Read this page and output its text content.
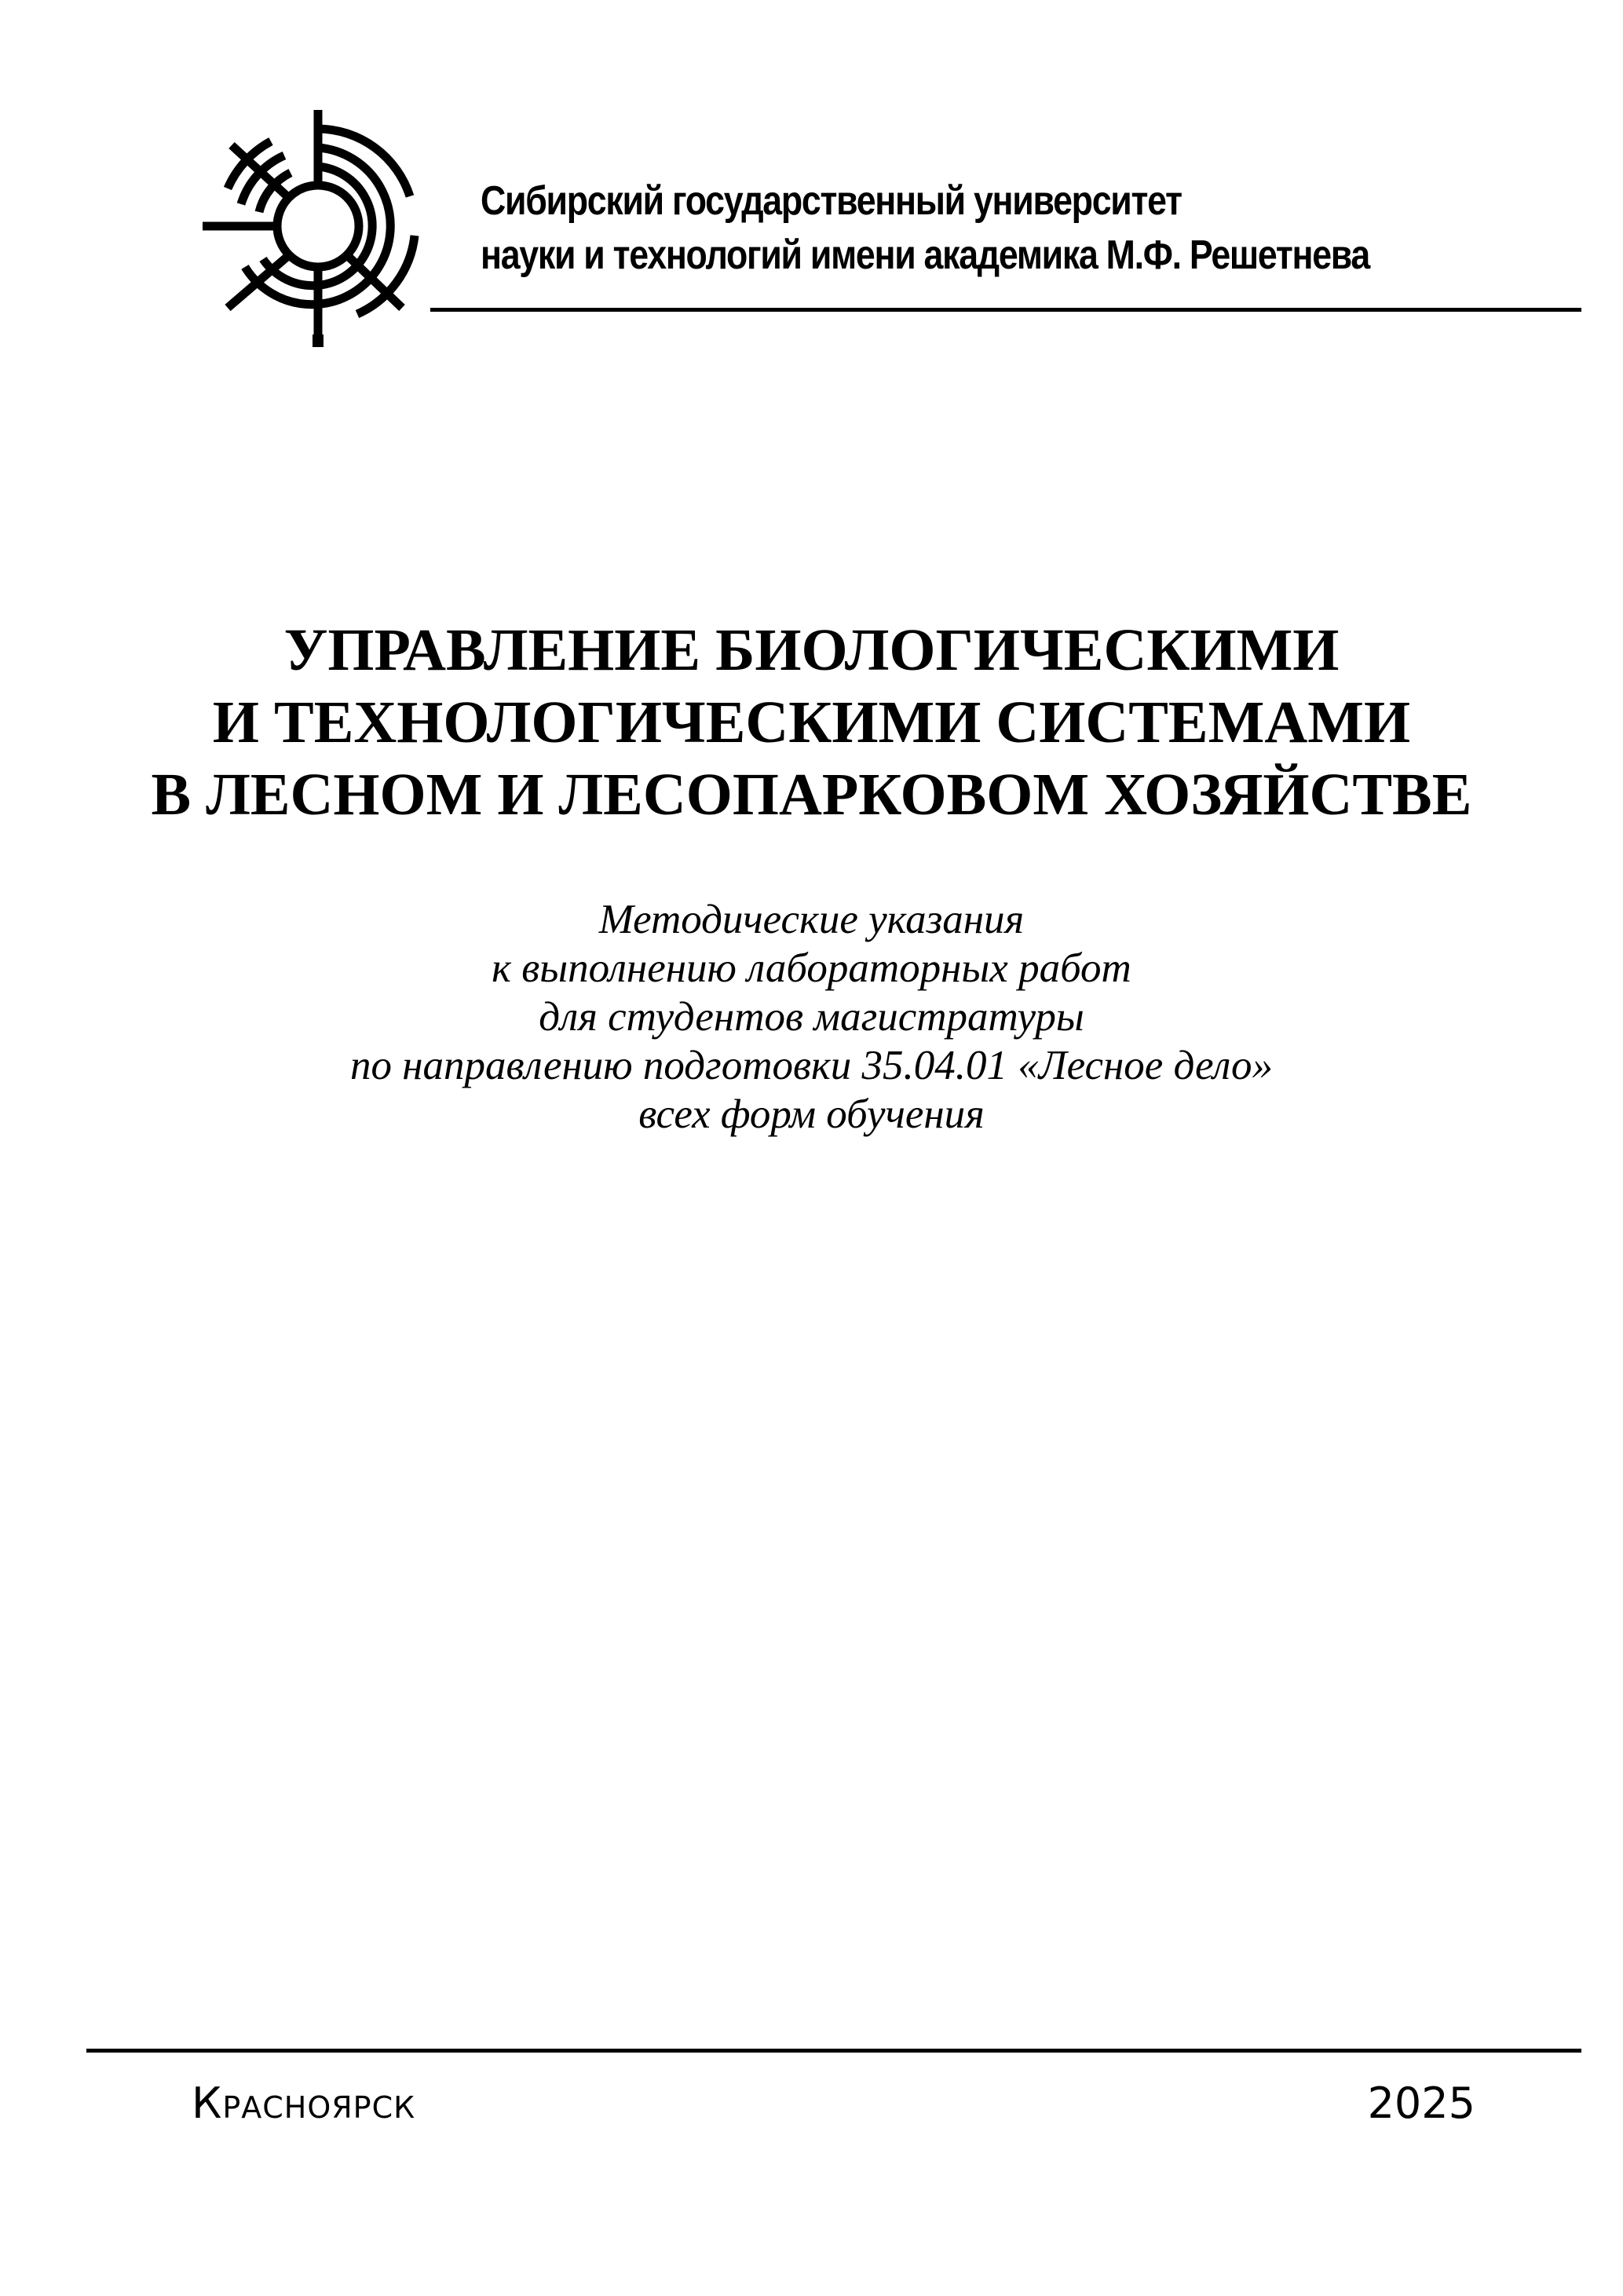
Сибирский государственный университет
науки и технологий имени академика М.Ф. Решетнева
УПРАВЛЕНИЕ БИОЛОГИЧЕСКИМИ
И ТЕХНОЛОГИЧЕСКИМИ СИСТЕМАМИ
В ЛЕСНОМ И ЛЕСОПАРКОВОМ ХОЗЯЙСТВЕ
Методические указания
к выполнению лабораторных работ
для студентов магистратуры
по направлению подготовки 35.04.01 «Лесное дело»
всех форм обучения
Красноярск	2025
